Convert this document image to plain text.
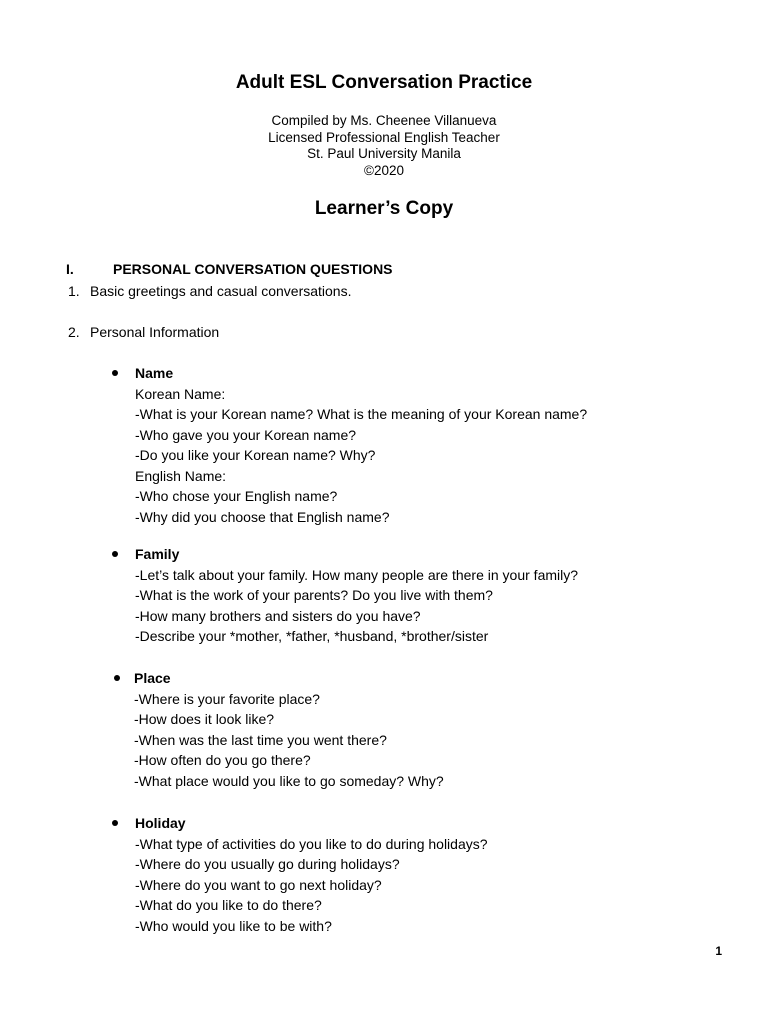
Adult ESL Conversation Practice
Compiled by Ms. Cheenee Villanueva
Licensed Professional English Teacher
St. Paul University Manila
©2020
Learner’s Copy
I.	PERSONAL CONVERSATION QUESTIONS
1. Basic greetings and casual conversations.
2. Personal Information
Name
Korean Name:
-What is your Korean name? What is the meaning of your Korean name?
-Who gave you your Korean name?
-Do you like your Korean name? Why?
English Name:
-Who chose your English name?
-Why did you choose that English name?
Family
-Let’s talk about your family. How many people are there in your family?
-What is the work of your parents? Do you live with them?
-How many brothers and sisters do you have?
-Describe your *mother, *father, *husband, *brother/sister
Place
-Where is your favorite place?
-How does it look like?
-When was the last time you went there?
-How often do you go there?
-What place would you like to go someday? Why?
Holiday
-What type of activities do you like to do during holidays?
-Where do you usually go during holidays?
-Where do you want to go next holiday?
-What do you like to do there?
-Who would you like to be with?
1
